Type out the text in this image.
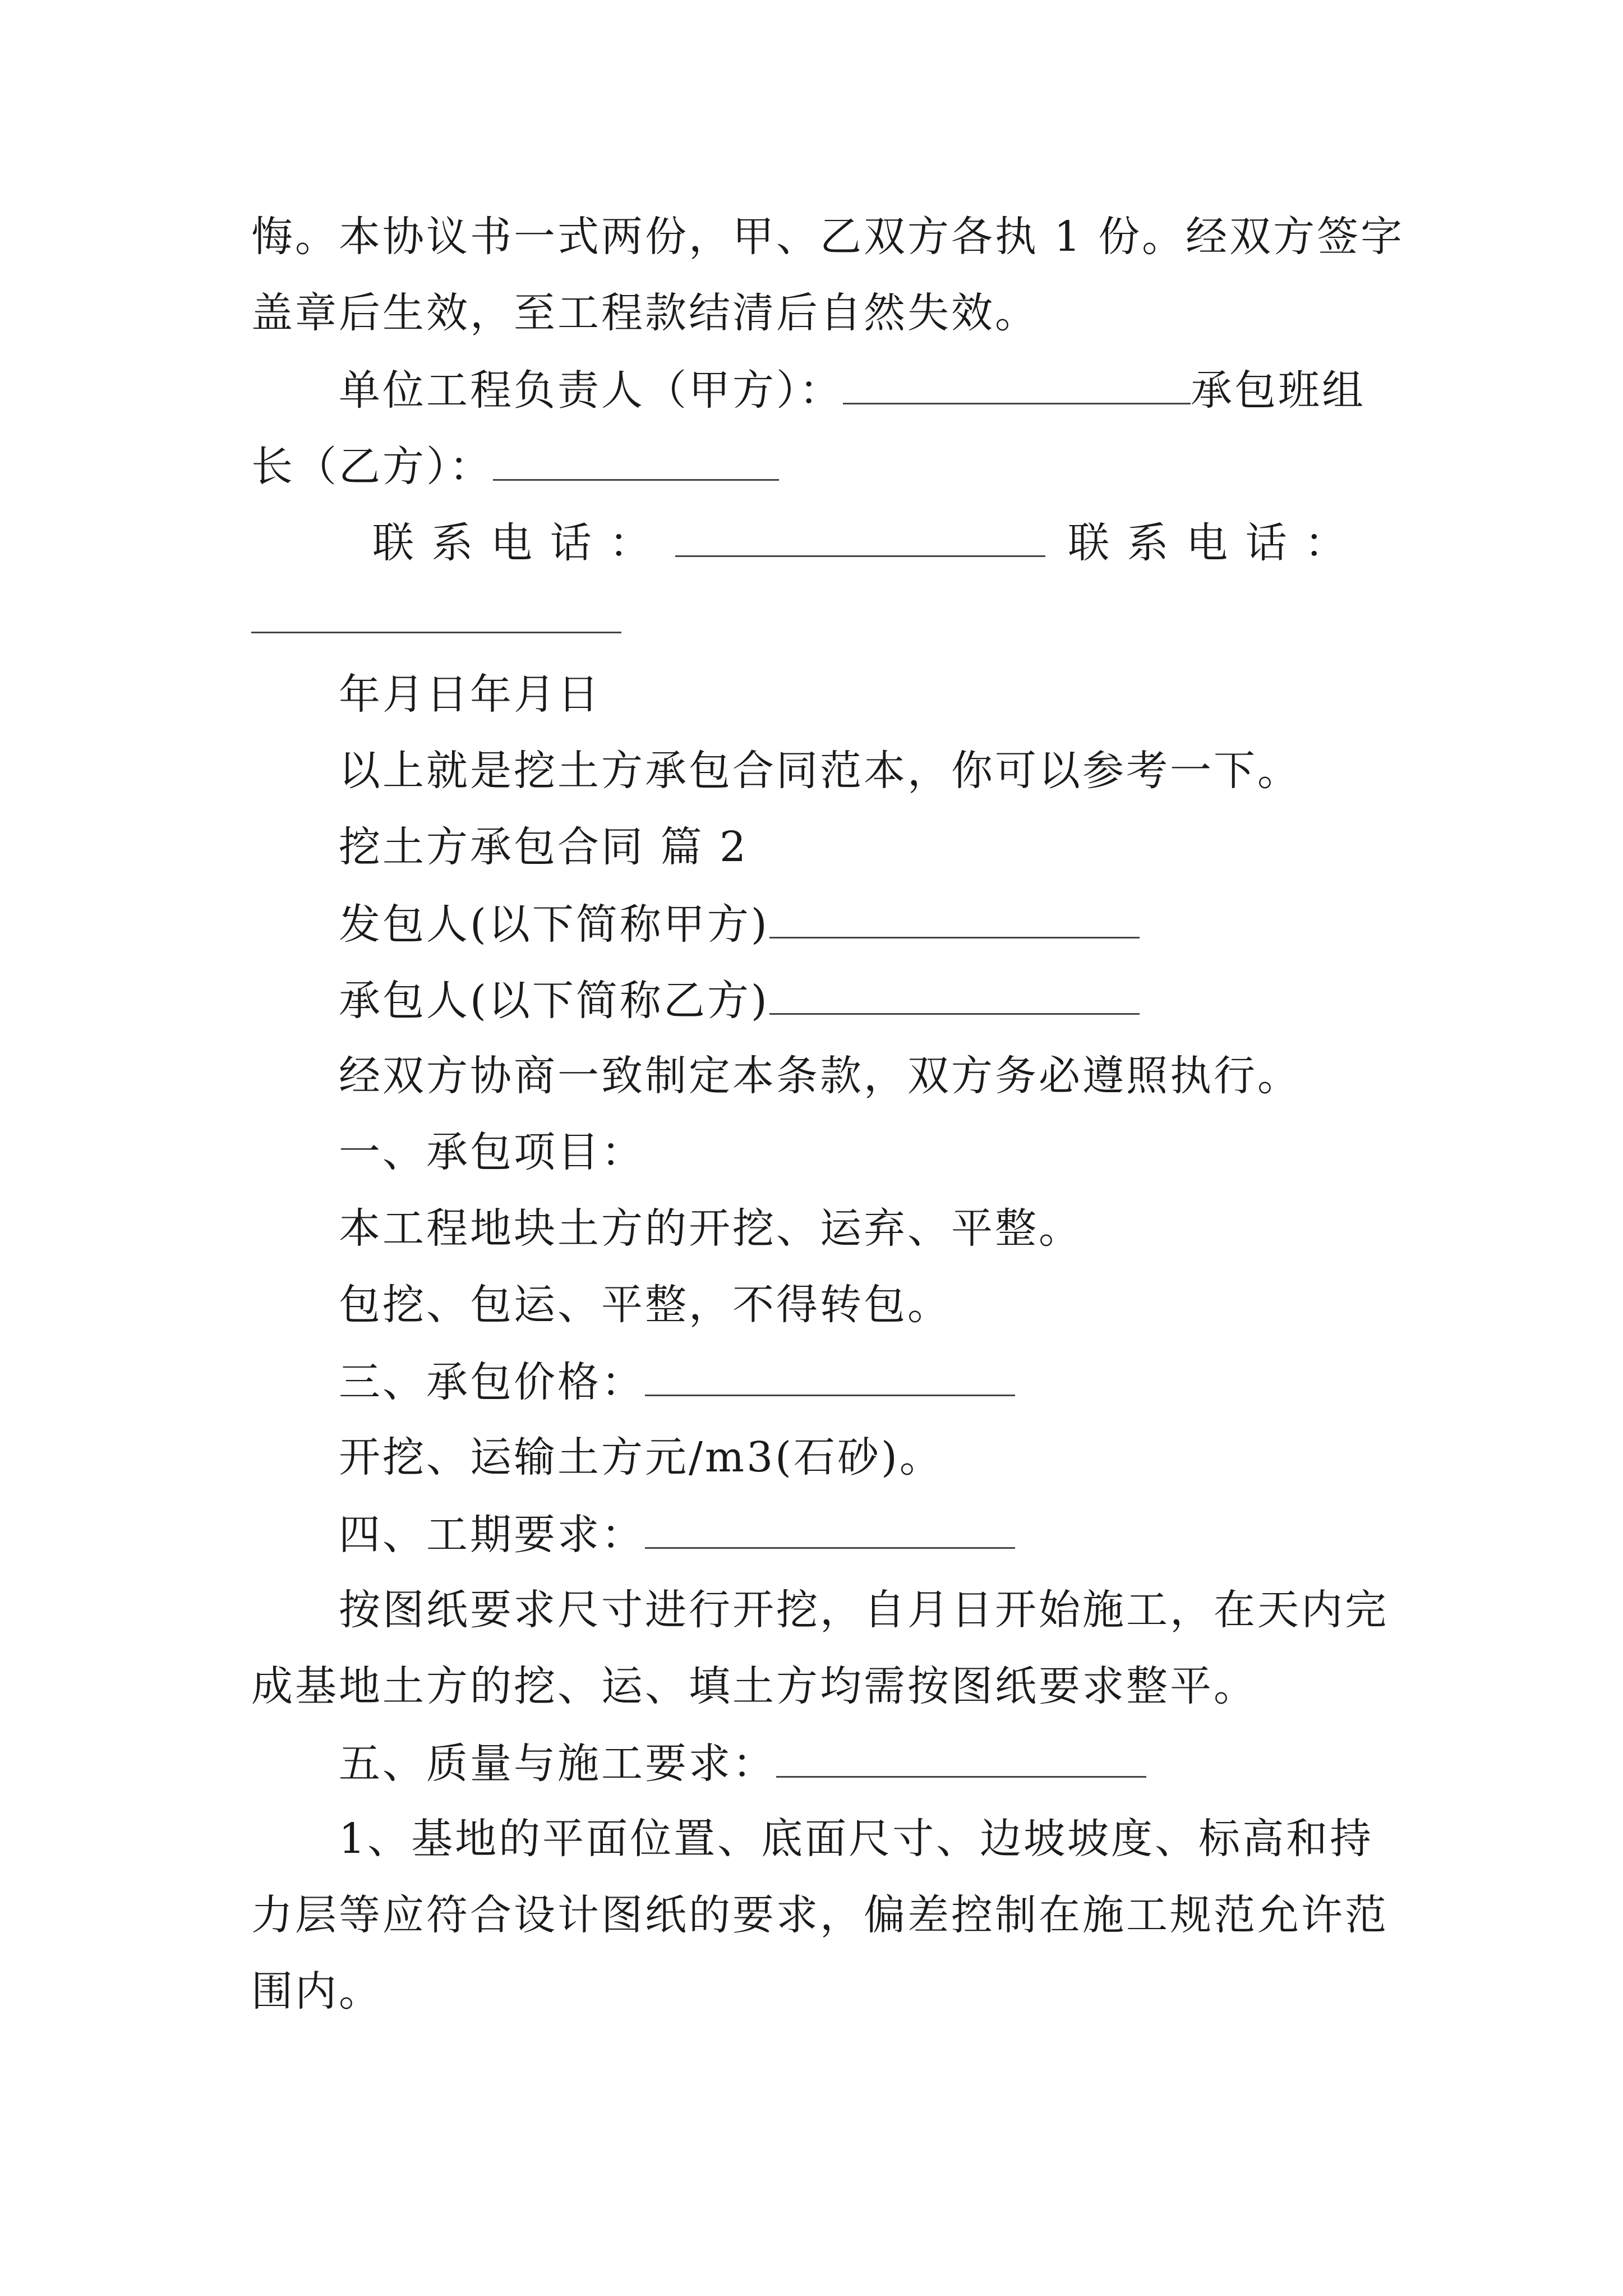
悔。本协议书一式两份，甲、乙双方各执 1 份。经双方签字
盖章后生效，至工程款结清后自然失效。
单位工程负责人（甲方）：	承包班组
长（乙方）：
联 系 电 话 ：	联 系 电 话 ：
年月日年月日
以上就是挖土方承包合同范本，你可以参考一下。
挖土方承包合同 篇 2
发包人(以下简称甲方)
承包人(以下简称乙方)
经双方协商一致制定本条款，双方务必遵照执行。
一、承包项目：
本工程地块土方的开挖、运弃、平整。
包挖、包运、平整，不得转包。
三、承包价格：
开挖、运输土方元/m3(石砂)。
四、工期要求：
按图纸要求尺寸进行开挖，自月日开始施工，在天内完
成基地土方的挖、运、填土方均需按图纸要求整平。
五、质量与施工要求：
1、基地的平面位置、底面尺寸、边坡坡度、标高和持
力层等应符合设计图纸的要求，偏差控制在施工规范允许范
围内。
